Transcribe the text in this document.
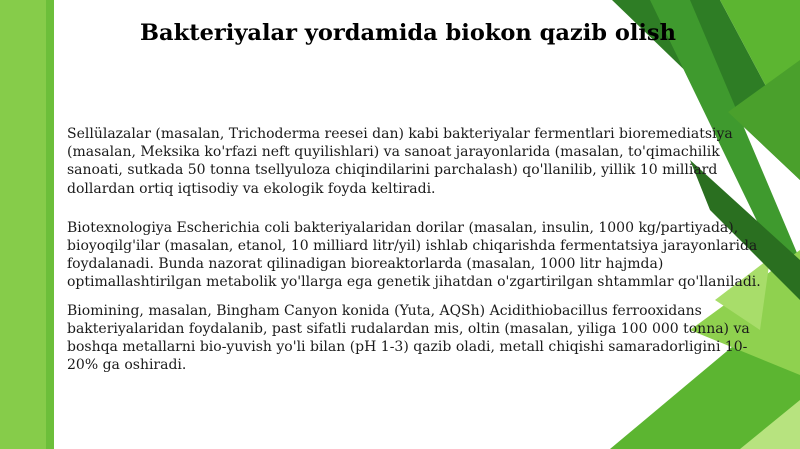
Bakteriyalar yordamida biokon qazib olish

Sellülazalar (masalan, Trichoderma reesei dan) kabi bakteriyalar fermentlari bioremediatsiya (masalan, Meksika ko'rfazi neft quyilishlari) va sanoat jarayonlarida (masalan, to'qimachilik sanoati, sutkada 50 tonna tsellyuloza chiqindilarini parchalash) qo'llanilib, yillik 10 milliard dollardan ortiq iqtisodiy va ekologik foyda keltiradi.

Biotexnologiya Escherichia coli bakteriyalaridan dorilar (masalan, insulin, 1000 kg/partiyada), bioyoqilg'ilar (masalan, etanol, 10 milliard litr/yil) ishlab chiqarishda fermentatsiya jarayonlarida foydalanadi. Bunda nazorat qilinadigan bioreaktorlarda (masalan, 1000 litr hajmda) optimallashtirilgan metabolik yo'llarga ega genetik jihatdan o'zgartirilgan shtammlar qo'llaniladi.

Biomining, masalan, Bingham Canyon konida (Yuta, AQSh) Acidithiobacillus ferrooxidans bakteriyalaridan foydalanib, past sifatli rudalardan mis, oltin (masalan, yiliga 100 000 tonna) va boshqa metallarni bio-yuvish yo'li bilan (pH 1-3) qazib oladi, metall chiqishi samaradorligini 10-20% ga oshiradi.
